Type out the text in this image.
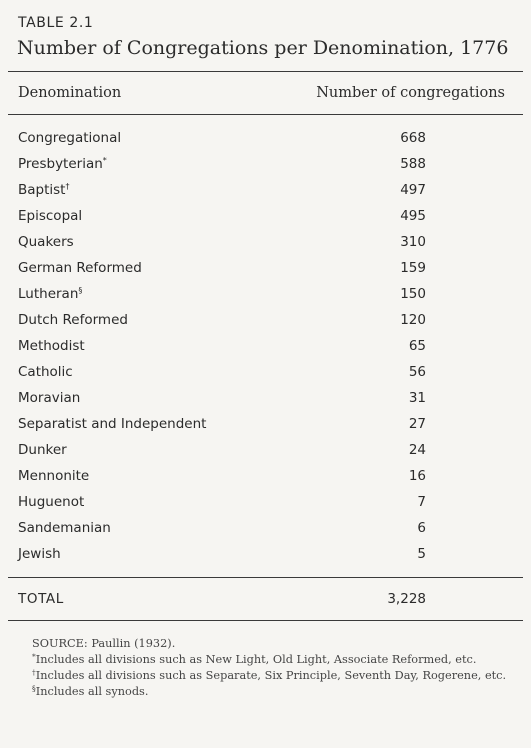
TABLE 2.1
Number of Congregations per Denomination, 1776
Denomination	Number of congregations
Congregational	668
Presbyterian*	588
Baptist†	497
Episcopal	495
Quakers	310
German Reformed	159
Lutheran§	150
Dutch Reformed	120
Methodist	65
Catholic	56
Moravian	31
Separatist and Independent	27
Dunker	24
Mennonite	16
Huguenot	7
Sandemanian	6
Jewish	5
TOTAL	3,228

SOURCE: Paullin (1932).

*Includes all divisions such as New Light, Old Light, Associate Reformed, etc.

†Includes all divisions such as Separate, Six Principle, Seventh Day, Rogerene, etc.

§Includes all synods.
